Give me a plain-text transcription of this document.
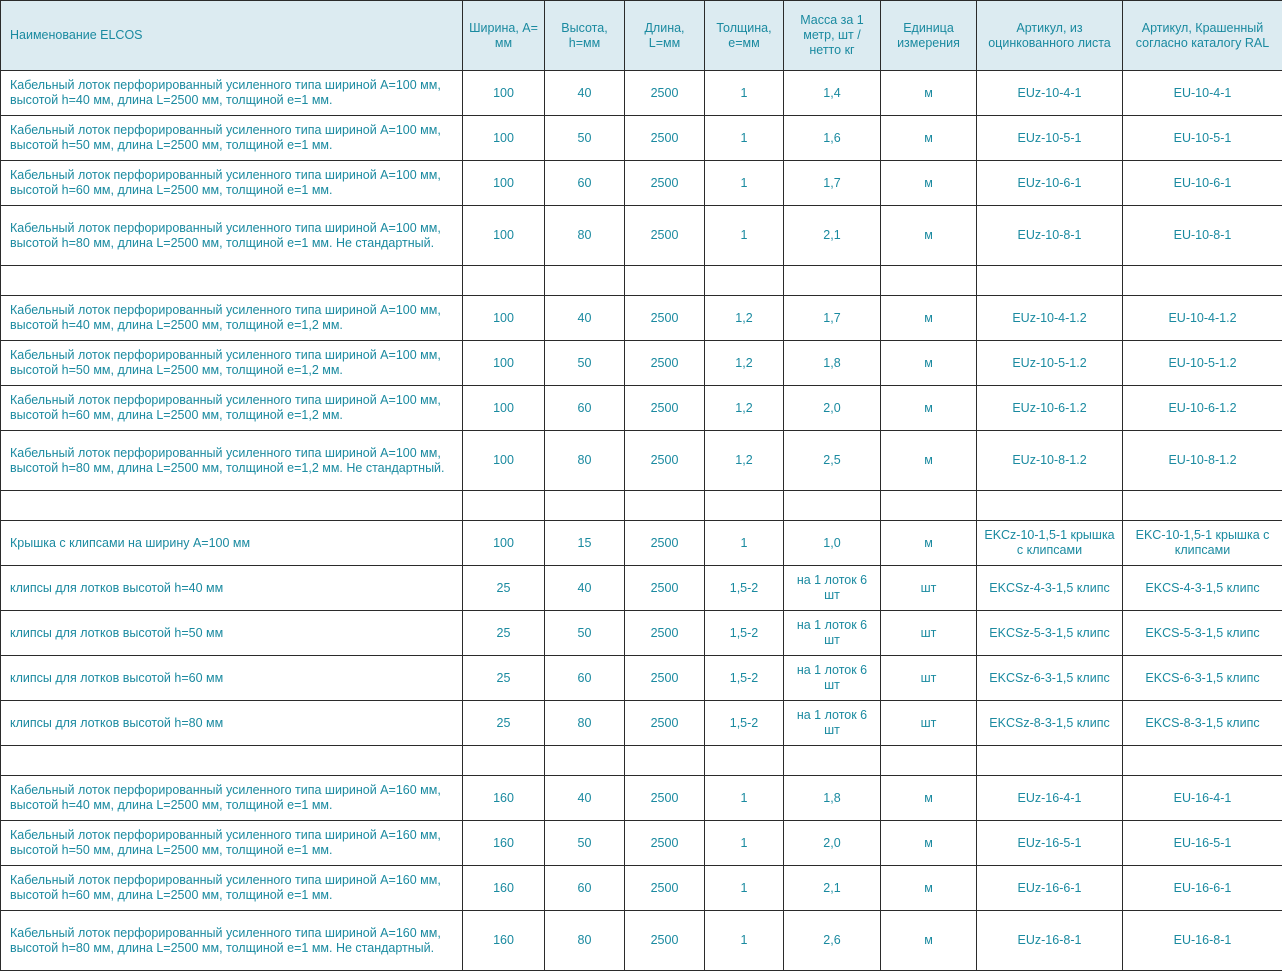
Наименование ELCOS	Ширина, А= мм	Высота, h=мм	Длина, L=мм	Толщина, е=мм	Масса за 1 метр, шт / нетто кг	Единица измерения	Артикул, из оцинкованного листа	Артикул, Крашенный согласно каталогу RAL
Кабельный лоток перфорированный усиленного типа шириной А=100 мм, высотой h=40 мм, длина L=2500 мм, толщиной е=1 мм.	100	40	2500	1	1,4	м	EUz-10-4-1	EU-10-4-1
Кабельный лоток перфорированный усиленного типа шириной А=100 мм, высотой h=50 мм, длина L=2500 мм, толщиной е=1 мм.	100	50	2500	1	1,6	м	EUz-10-5-1	EU-10-5-1
Кабельный лоток перфорированный усиленного типа шириной А=100 мм, высотой h=60 мм, длина L=2500 мм, толщиной е=1 мм.	100	60	2500	1	1,7	м	EUz-10-6-1	EU-10-6-1
Кабельный лоток перфорированный усиленного типа шириной А=100 мм, высотой h=80 мм, длина L=2500 мм, толщиной е=1 мм. Не стандартный.	100	80	2500	1	2,1	м	EUz-10-8-1	EU-10-8-1

Кабельный лоток перфорированный усиленного типа шириной А=100 мм, высотой h=40 мм, длина L=2500 мм, толщиной е=1,2 мм.	100	40	2500	1,2	1,7	м	EUz-10-4-1.2	EU-10-4-1.2
Кабельный лоток перфорированный усиленного типа шириной А=100 мм, высотой h=50 мм, длина L=2500 мм, толщиной е=1,2 мм.	100	50	2500	1,2	1,8	м	EUz-10-5-1.2	EU-10-5-1.2
Кабельный лоток перфорированный усиленного типа шириной А=100 мм, высотой h=60 мм, длина L=2500 мм, толщиной е=1,2 мм.	100	60	2500	1,2	2,0	м	EUz-10-6-1.2	EU-10-6-1.2
Кабельный лоток перфорированный усиленного типа шириной А=100 мм, высотой h=80 мм, длина L=2500 мм, толщиной е=1,2 мм. Не стандартный.	100	80	2500	1,2	2,5	м	EUz-10-8-1.2	EU-10-8-1.2

Крышка с клипсами на ширину А=100 мм	100	15	2500	1	1,0	м	EKCz-10-1,5-1 крышка с клипсами	EKC-10-1,5-1 крышка с клипсами
клипсы для лотков высотой h=40 мм	25	40	2500	1,5-2	на 1 лоток 6 шт	шт	EKCSz-4-3-1,5 клипс	EKCS-4-3-1,5 клипс
клипсы для лотков высотой h=50 мм	25	50	2500	1,5-2	на 1 лоток 6 шт	шт	EKCSz-5-3-1,5 клипс	EKCS-5-3-1,5 клипс
клипсы для лотков высотой h=60 мм	25	60	2500	1,5-2	на 1 лоток 6 шт	шт	EKCSz-6-3-1,5 клипс	EKCS-6-3-1,5 клипс
клипсы для лотков высотой h=80 мм	25	80	2500	1,5-2	на 1 лоток 6 шт	шт	EKCSz-8-3-1,5 клипс	EKCS-8-3-1,5 клипс

Кабельный лоток перфорированный усиленного типа шириной А=160 мм, высотой h=40 мм, длина L=2500 мм, толщиной е=1 мм.	160	40	2500	1	1,8	м	EUz-16-4-1	EU-16-4-1
Кабельный лоток перфорированный усиленного типа шириной А=160 мм, высотой h=50 мм, длина L=2500 мм, толщиной е=1 мм.	160	50	2500	1	2,0	м	EUz-16-5-1	EU-16-5-1
Кабельный лоток перфорированный усиленного типа шириной А=160 мм, высотой h=60 мм, длина L=2500 мм, толщиной е=1 мм.	160	60	2500	1	2,1	м	EUz-16-6-1	EU-16-6-1
Кабельный лоток перфорированный усиленного типа шириной А=160 мм, высотой h=80 мм, длина L=2500 мм, толщиной е=1 мм. Не стандартный.	160	80	2500	1	2,6	м	EUz-16-8-1	EU-16-8-1
